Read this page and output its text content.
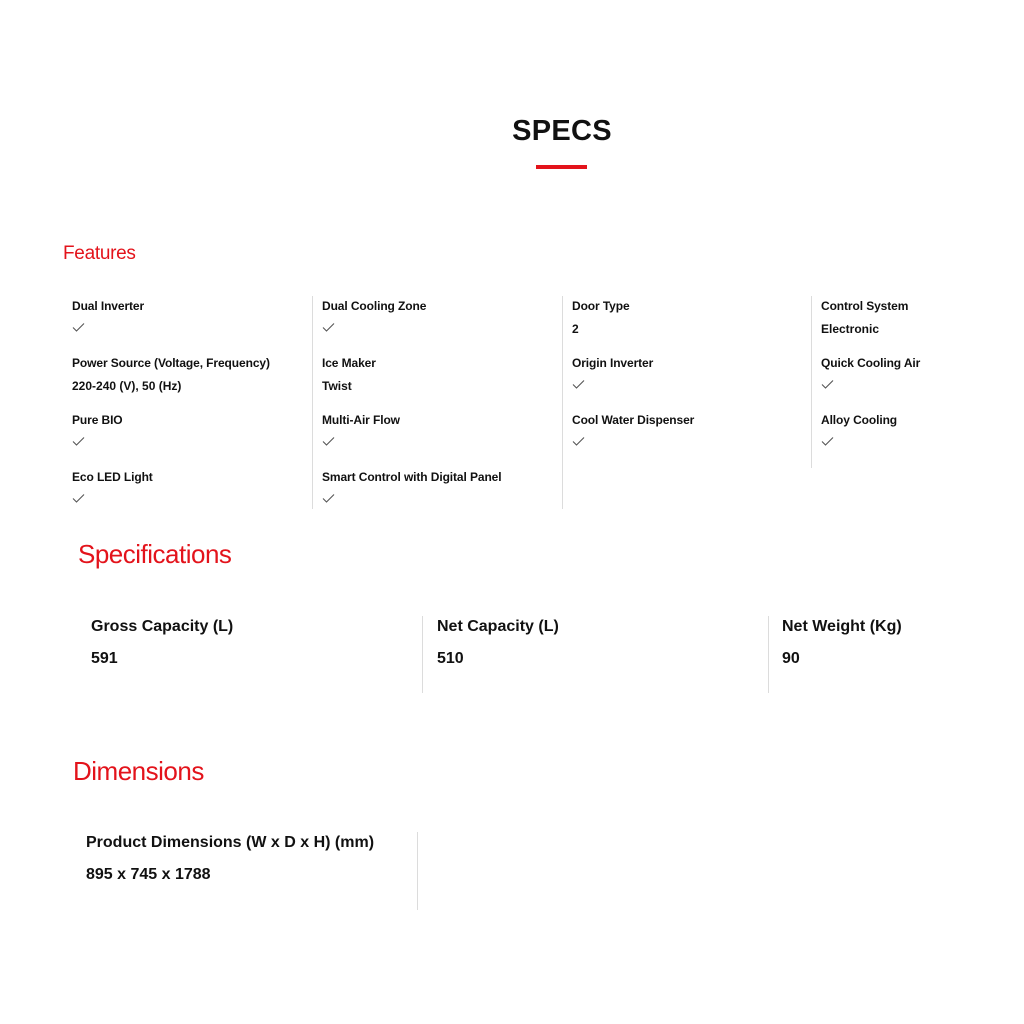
SPECS
Features
Dual Inverter
Power Source (Voltage, Frequency)
220-240 (V), 50 (Hz)
Pure BIO
Eco LED Light
Dual Cooling Zone
Ice Maker
Twist
Multi-Air Flow
Smart Control with Digital Panel
Door Type
2
Origin Inverter
Cool Water Dispenser
Control System
Electronic
Quick Cooling Air
Alloy Cooling
Specifications
Gross Capacity (L)
591
Net Capacity (L)
510
Net Weight (Kg)
90
Dimensions
Product Dimensions (W x D x H) (mm)
895 x 745 x 1788
